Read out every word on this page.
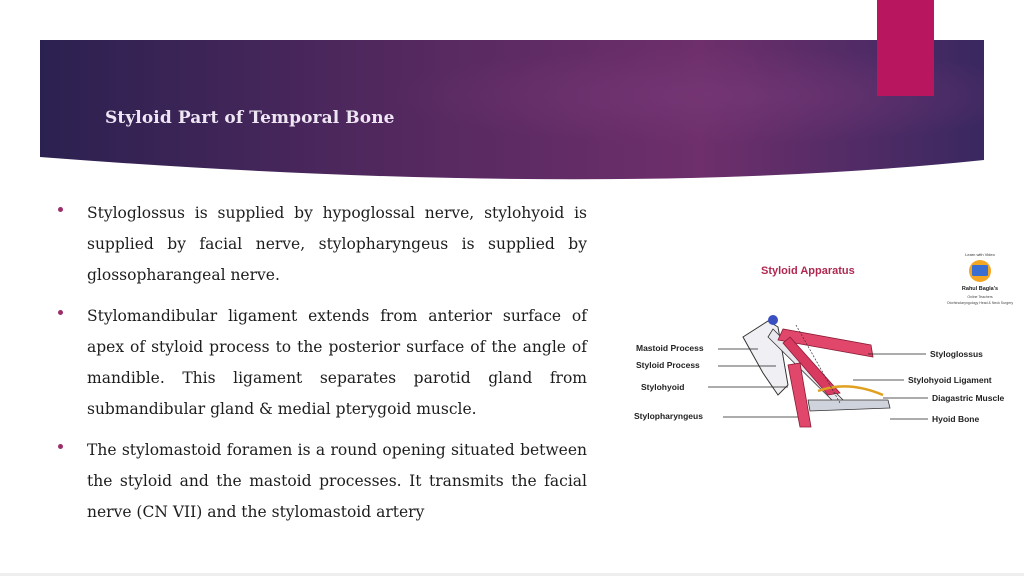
Styloid Part of Temporal Bone
Styloglossus is supplied by hypoglossal nerve, stylohyoid is supplied by facial nerve, stylopharyngeus is supplied by glossopharangeal nerve.
Stylomandibular ligament extends from anterior surface of apex of styloid process to the posterior surface of the angle of mandible. This ligament separates parotid gland from submandibular gland & medial pterygoid muscle.
The stylomastoid foramen is a round opening situated between the styloid and the mastoid processes. It transmits the facial nerve (CN VII) and the stylomastoid artery
Styloid Apparatus
Learn with Video
Rahul Bagla's
Online Teachers
Otorhinolaryngology Head & Neck Surgery
Mastoid Process
Styloid Process
Stylohyoid
Stylopharyngeus
Styloglossus
Stylohyoid Ligament
Diagastric Muscle
Hyoid Bone
